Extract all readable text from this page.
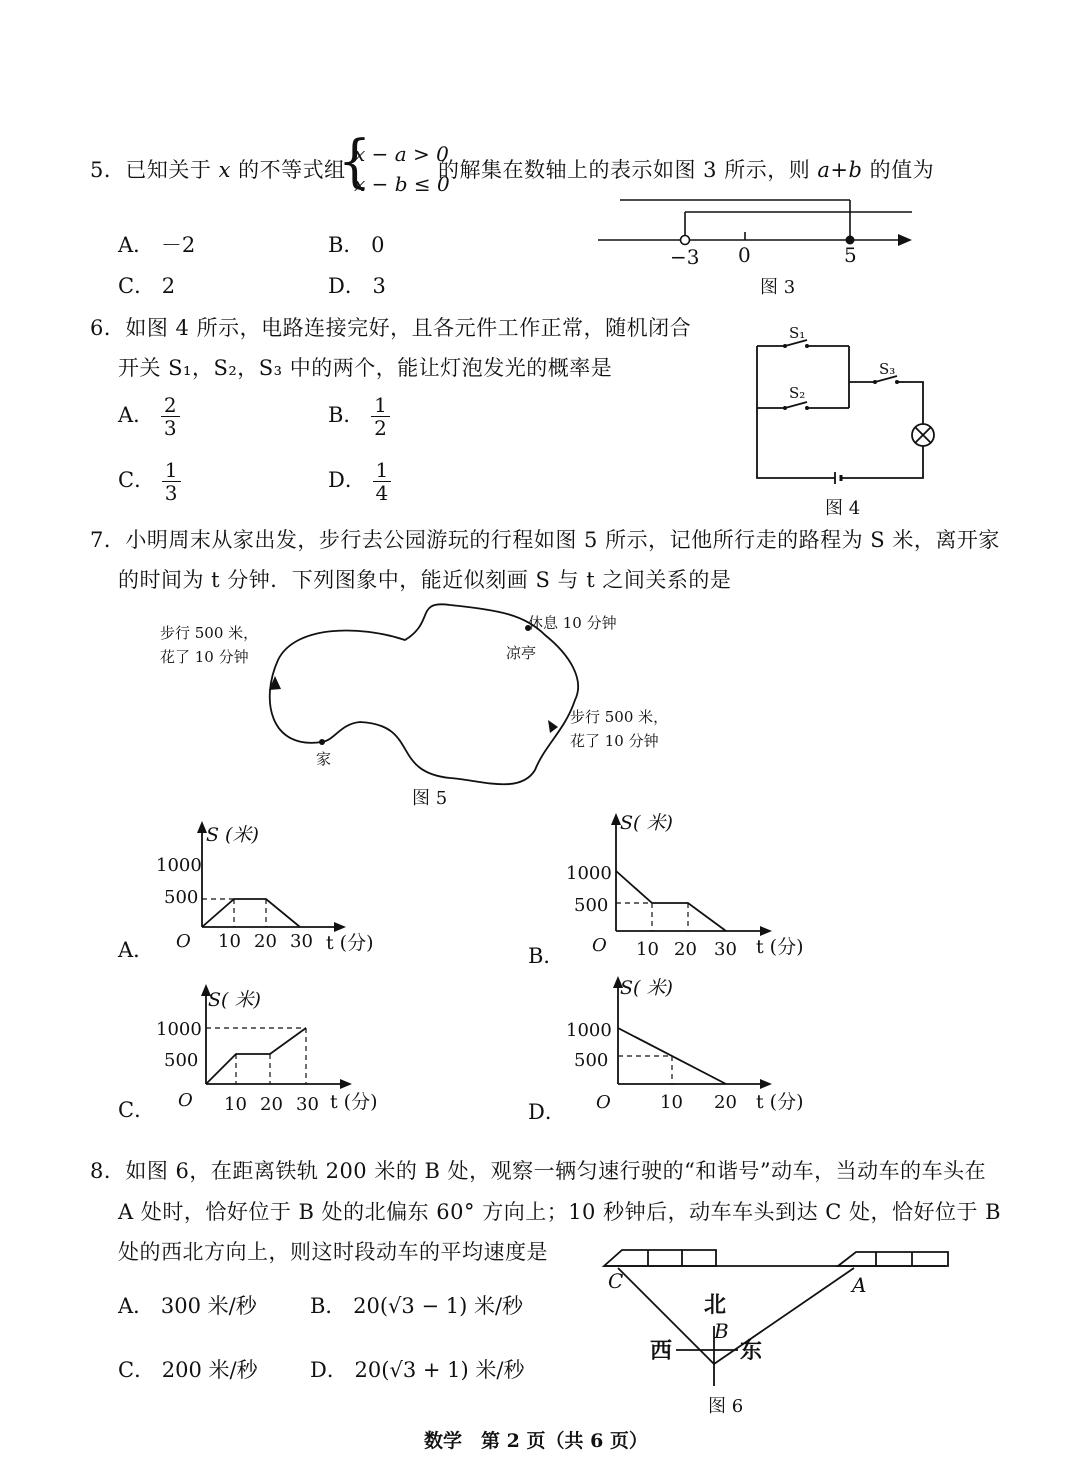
5．已知关于 x 的不等式组
{
x − a > 0
x − b ≤ 0
的解集在数轴上的表示如图 3 所示，则 a+b 的值为
A． －2	B． 0
C． 2	D． 3
−3 0	5
图 3
6．如图 4 所示，电路连接完好，且各元件工作正常，随机闭合
开关 S₁，S₂，S₃ 中的两个，能让灯泡发光的概率是
A． $\frac{2}{3}$	B． $\frac{1}{2}$
C． $\frac{1}{3}$	D． $\frac{1}{4}$
S₁
S₂
S₃
图 4
7．小明周末从家出发，步行去公园游玩的行程如图 5 所示，记他所行走的路程为 S 米，离开家
的时间为 t 分钟．下列图象中，能近似刻画 S 与 t 之间关系的是
步行 500 米，
花了 10 分钟
休息 10 分钟
凉亭
步行 500 米，
花了 10 分钟
家
图 5
A．
S (米)
1000
500
O 10 20 30 t (分)
B．
S( 米)
1000
500
O 10 20 30 t (分)
C．
S( 米)
1000
500
O 10 20 30 t (分)	D．
S( 米)
1000
500
O	10 20 t (分)
8．如图 6，在距离铁轨 200 米的 B 处，观察一辆匀速行驶的“和谐号”动车，当动车的车头在
A 处时，恰好位于 B 处的北偏东 60° 方向上；10 秒钟后，动车车头到达 C 处，恰好位于 B
处的西北方向上，则这时段动车的平均速度是
A． 300 米/秒	B． 20(√3 − 1) 米/秒
C． 200 米/秒 D． 20(√3 + 1) 米/秒
C	A
北
B
西	东
图 6
数学　第 2 页（共 6 页）
